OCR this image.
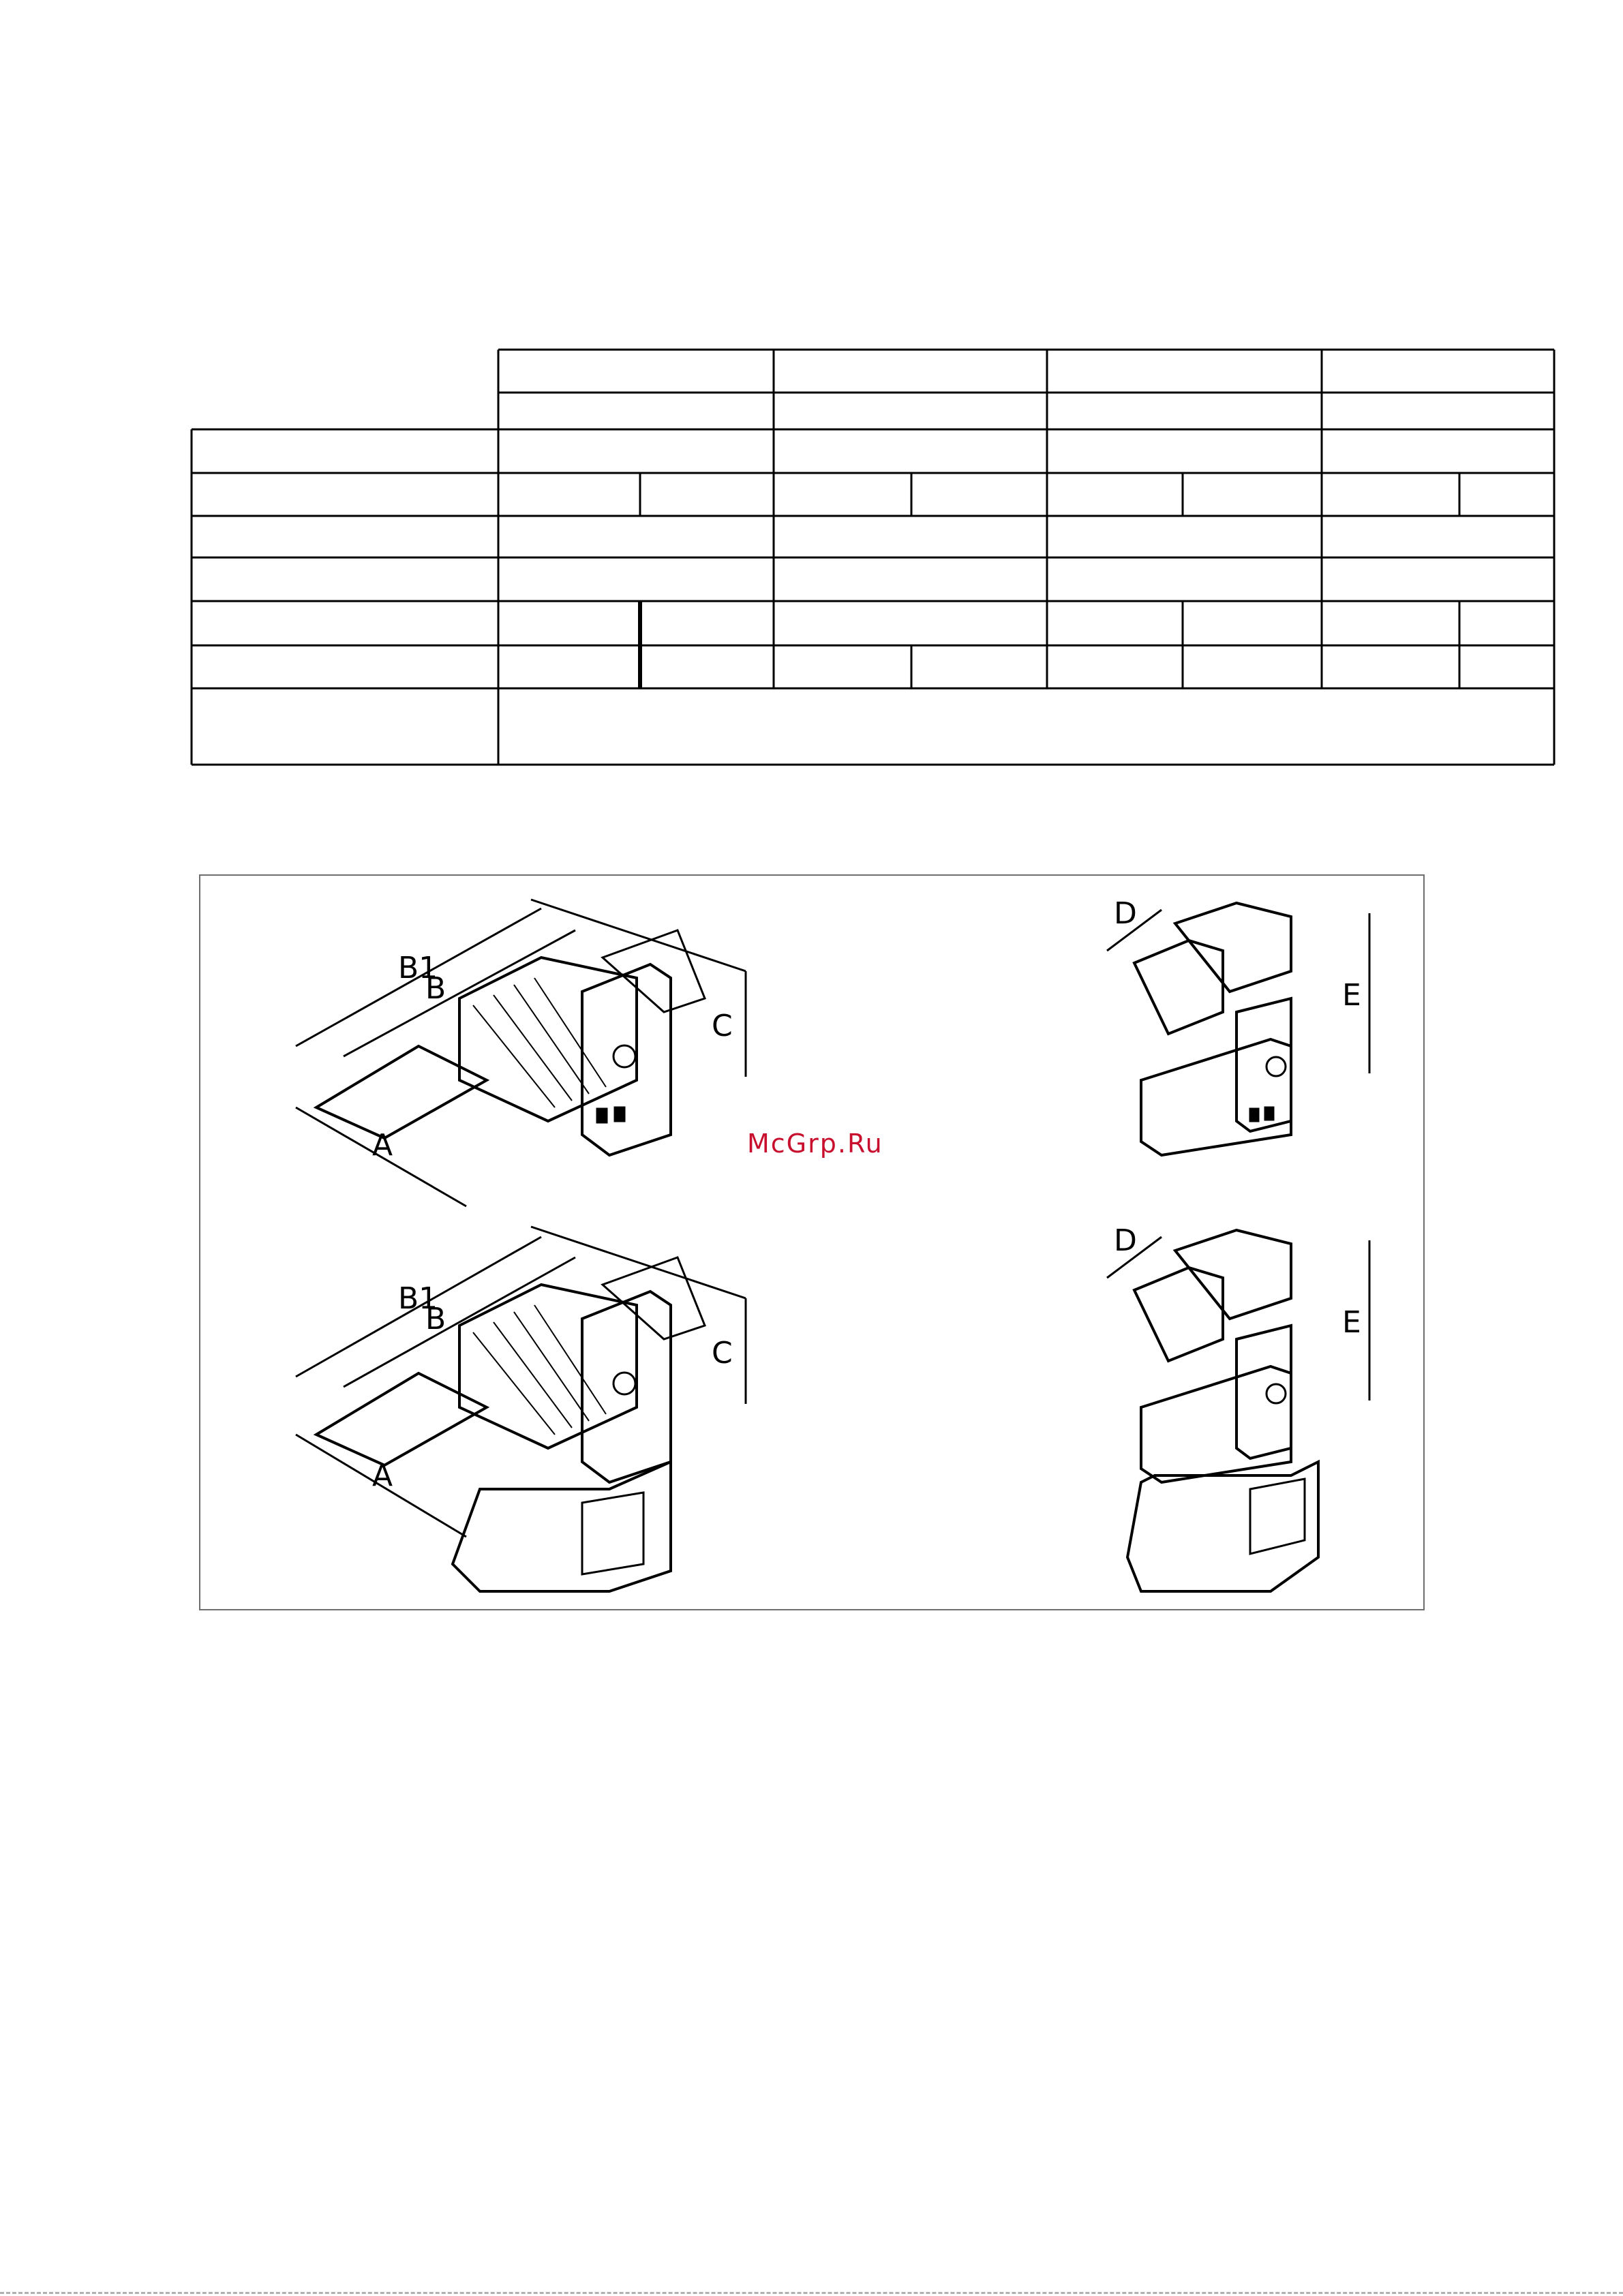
B1
B
A
C
D
E
B1
B
A
C
D
E
McGrp.Ru
